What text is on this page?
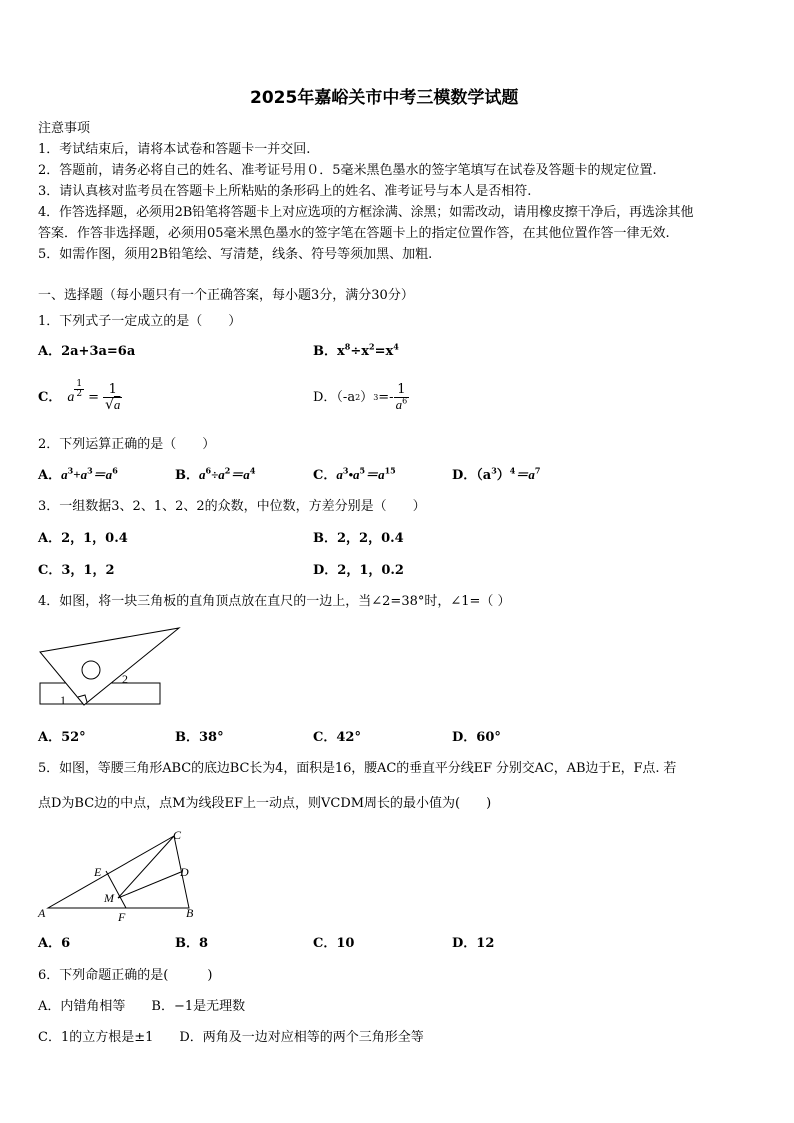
2025年嘉峪关市中考三模数学试题
注意事项
1．考试结束后，请将本试卷和答题卡一并交回.
2．答题前，请务必将自己的姓名、准考证号用０．5毫米黑色墨水的签字笔填写在试卷及答题卡的规定位置.
3．请认真核对监考员在答题卡上所粘贴的条形码上的姓名、准考证号与本人是否相符.
4．作答选择题，必须用2B铅笔将答题卡上对应选项的方框涂满、涂黑；如需改动，请用橡皮擦干净后，再选涂其他
答案．作答非选择题，必须用05毫米黑色墨水的签字笔在答题卡上的指定位置作答，在其他位置作答一律无效.
5．如需作图，须用2B铅笔绘、写清楚，线条、符号等须加黑、加粗.
一、选择题（每小题只有一个正确答案，每小题3分，满分30分）
1．下列式子一定成立的是（　　）
A．2a+3a=6a	B．$x^8\div x^2=x^4$
C． a $\frac{1}{2} = \frac{1}{√a}$	D．（-a 2 ） $3 =- \frac{1}{a^6}$
2．下列运算正确的是（　　）
A．$a^3+a^3=a^6$	B．$a^6\div a^2=a^4$	C．$a^3•a^5=a^{15}$	D．$(a^3)^4=a^7$
3．一组数据3、2、1、2、2的众数，中位数，方差分别是（　　）
A．2，1，0.4	B．2，2，0.4
C．3，1，2	D．2，1，0.2
4．如图，将一块三角板的直角顶点放在直尺的一边上，当∠2=38°时，∠1=（ ）
1
2
A．52°	B．38°	C．42°	D．60°
5．如图，等腰三角形ABC的底边BC长为4，面积是16，腰AC的垂直平分线EF 分别交AC，AB边于E，F点. 若
点D为BC边的中点，点M为线段EF上一动点，则VCDM周长的最小值为(　　)
A	B
C
D
E
F
M
A．6	B．8	C．10	D．12
6．下列命题正确的是(　　　)
A．内错角相等　　B．−1是无理数
C．1的立方根是±1　　D．两角及一边对应相等的两个三角形全等
